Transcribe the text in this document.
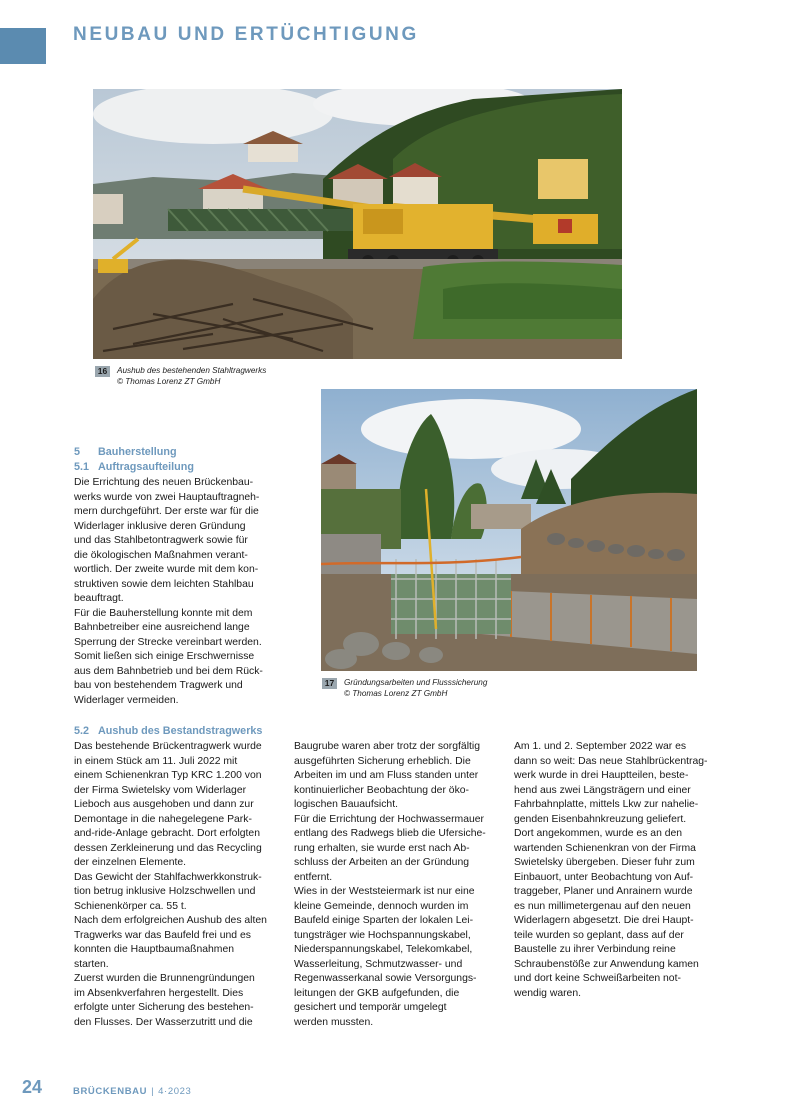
NEUBAU UND ERTÜCHTIGUNG
16	Aushub des bestehenden Stahltragwerks
© Thomas Lorenz ZT GmbH
17	Gründungsarbeiten und Flusssicherung
© Thomas Lorenz ZT GmbH
5 Bauherstellung
5.1 Auftragsaufteilung

Die Errichtung des neuen Brückenbau-
werks wurde von zwei Hauptauftragneh-
mern durchgeführt. Der erste war für die
Widerlager inklusive deren Gründung
und das Stahlbetontragwerk sowie für
die ökologischen Maßnahmen verant-
wortlich. Der zweite wurde mit dem kon-
struktiven sowie dem leichten Stahlbau
beauftragt.
Für die Bauherstellung konnte mit dem
Bahnbetreiber eine ausreichend lange
Sperrung der Strecke vereinbart werden.
Somit ließen sich einige Erschwernisse
aus dem Bahnbetrieb und bei dem Rück-
bau von bestehendem Tragwerk und
Widerlager vermeiden.

5.2 Aushub des Bestandstragwerks

Das bestehende Brückentragwerk wurde
in einem Stück am 11. Juli 2022 mit
einem Schienenkran Typ KRC 1.200 von
der Firma Swietelsky vom Widerlager
Lieboch aus ausgehoben und dann zur
Demontage in die nahegelegene Park-
and-ride-Anlage gebracht. Dort erfolgten
dessen Zerkleinerung und das Recycling
der einzelnen Elemente.
Das Gewicht der Stahlfachwerkkonstruk-
tion betrug inklusive Holzschwellen und
Schienenkörper ca. 55 t.
Nach dem erfolgreichen Aushub des alten
Tragwerks war das Baufeld frei und es
konnten die Hauptbaumaßnahmen
starten.
Zuerst wurden die Brunnengründungen
im Absenkverfahren hergestellt. Dies
erfolgte unter Sicherung des bestehen-
den Flusses. Der Wasserzutritt und die

Baugrube waren aber trotz der sorgfältig
ausgeführten Sicherung erheblich. Die
Arbeiten im und am Fluss standen unter
kontinuierlicher Beobachtung der öko-
logischen Bauaufsicht.
Für die Errichtung der Hochwassermauer
entlang des Radwegs blieb die Ufersiche-
rung erhalten, sie wurde erst nach Ab-
schluss der Arbeiten an der Gründung
entfernt.
Wies in der Weststeiermark ist nur eine
kleine Gemeinde, dennoch wurden im
Baufeld einige Sparten der lokalen Lei-
tungsträger wie Hochspannungskabel,
Niederspannungskabel, Telekomkabel,
Wasserleitung, Schmutzwasser- und
Regenwasserkanal sowie Versorgungs-
leitungen der GKB aufgefunden, die
gesichert und temporär umgelegt
werden mussten.

Am 1. und 2. September 2022 war es
dann so weit: Das neue Stahlbrückentrag-
werk wurde in drei Hauptteilen, beste-
hend aus zwei Längsträgern und einer
Fahrbahnplatte, mittels Lkw zur nahelie-
genden Eisenbahnkreuzung geliefert.
Dort angekommen, wurde es an den
wartenden Schienenkran von der Firma
Swietelsky übergeben. Dieser fuhr zum
Einbauort, unter Beobachtung von Auf-
traggeber, Planer und Anrainern wurde
es nun millimetergenau auf den neuen
Widerlagern abgesetzt. Die drei Haupt-
teile wurden so geplant, dass auf der
Baustelle zu ihrer Verbindung reine
Schraubenstöße zur Anwendung kamen
und dort keine Schweißarbeiten not-
wendig waren.

24	BRÜCKENBAU | 4·2023
